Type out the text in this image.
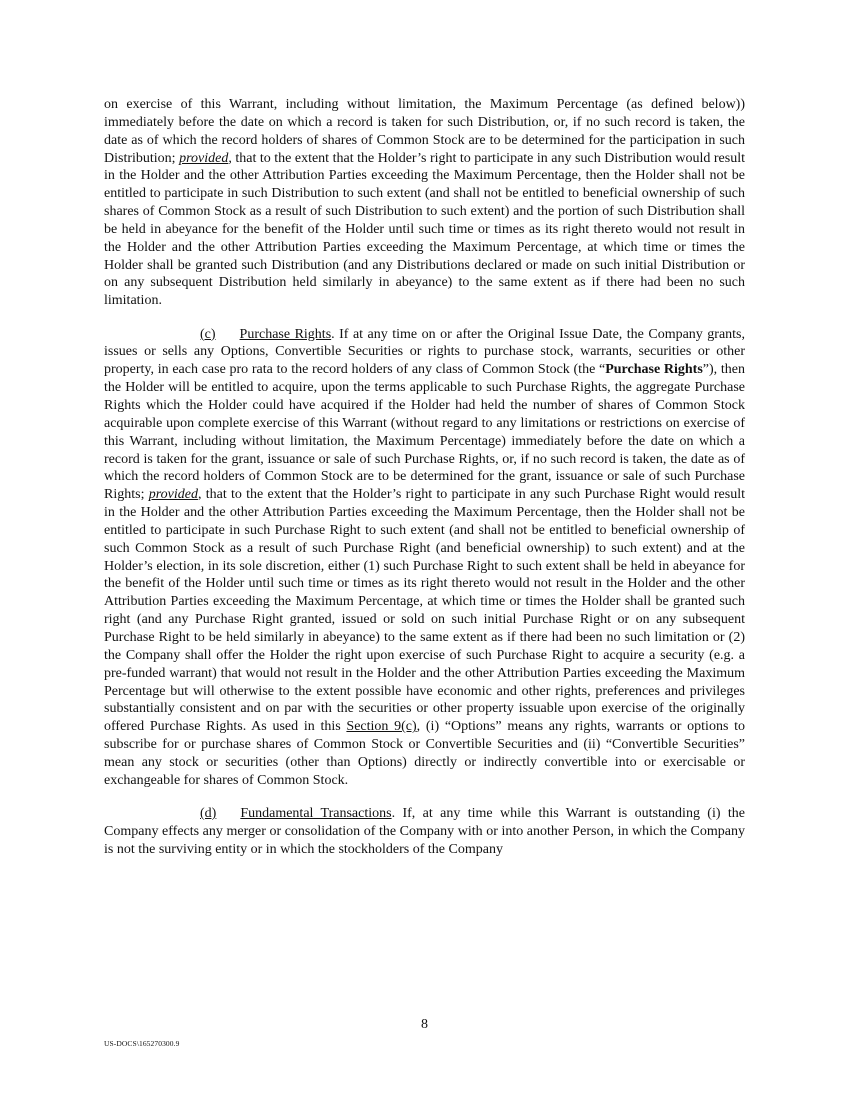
on exercise of this Warrant, including without limitation, the Maximum Percentage (as defined below)) immediately before the date on which a record is taken for such Distribution, or, if no such record is taken, the date as of which the record holders of shares of Common Stock are to be determined for the participation in such Distribution; provided, that to the extent that the Holder’s right to participate in any such Distribution would result in the Holder and the other Attribution Parties exceeding the Maximum Percentage, then the Holder shall not be entitled to participate in such Distribution to such extent (and shall not be entitled to beneficial ownership of such shares of Common Stock as a result of such Distribution to such extent) and the portion of such Distribution shall be held in abeyance for the benefit of the Holder until such time or times as its right thereto would not result in the Holder and the other Attribution Parties exceeding the Maximum Percentage, at which time or times the Holder shall be granted such Distribution (and any Distributions declared or made on such initial Distribution or on any subsequent Distribution held similarly in abeyance) to the same extent as if there had been no such limitation.

(c) Purchase Rights. If at any time on or after the Original Issue Date, the Company grants, issues or sells any Options, Convertible Securities or rights to purchase stock, warrants, securities or other property, in each case pro rata to the record holders of any class of Common Stock (the “Purchase Rights”), then the Holder will be entitled to acquire, upon the terms applicable to such Purchase Rights, the aggregate Purchase Rights which the Holder could have acquired if the Holder had held the number of shares of Common Stock acquirable upon complete exercise of this Warrant (without regard to any limitations or restrictions on exercise of this Warrant, including without limitation, the Maximum Percentage) immediately before the date on which a record is taken for the grant, issuance or sale of such Purchase Rights, or, if no such record is taken, the date as of which the record holders of Common Stock are to be determined for the grant, issuance or sale of such Purchase Rights; provided, that to the extent that the Holder’s right to participate in any such Purchase Right would result in the Holder and the other Attribution Parties exceeding the Maximum Percentage, then the Holder shall not be entitled to participate in such Purchase Right to such extent (and shall not be entitled to beneficial ownership of such Common Stock as a result of such Purchase Right (and beneficial ownership) to such extent) and at the Holder’s election, in its sole discretion, either (1) such Purchase Right to such extent shall be held in abeyance for the benefit of the Holder until such time or times as its right thereto would not result in the Holder and the other Attribution Parties exceeding the Maximum Percentage, at which time or times the Holder shall be granted such right (and any Purchase Right granted, issued or sold on such initial Purchase Right or on any subsequent Purchase Right to be held similarly in abeyance) to the same extent as if there had been no such limitation or (2) the Company shall offer the Holder the right upon exercise of such Purchase Right to acquire a security (e.g. a pre-funded warrant) that would not result in the Holder and the other Attribution Parties exceeding the Maximum Percentage but will otherwise to the extent possible have economic and other rights, preferences and privileges substantially consistent and on par with the securities or other property issuable upon exercise of the originally offered Purchase Rights. As used in this Section 9(c), (i) “Options” means any rights, warrants or options to subscribe for or purchase shares of Common Stock or Convertible Securities and (ii) “Convertible Securities” mean any stock or securities (other than Options) directly or indirectly convertible into or exercisable or exchangeable for shares of Common Stock.

(d) Fundamental Transactions. If, at any time while this Warrant is outstanding (i) the Company effects any merger or consolidation of the Company with or into another Person, in which the Company is not the surviving entity or in which the stockholders of the Company

8
US-DOCS\165270300.9
